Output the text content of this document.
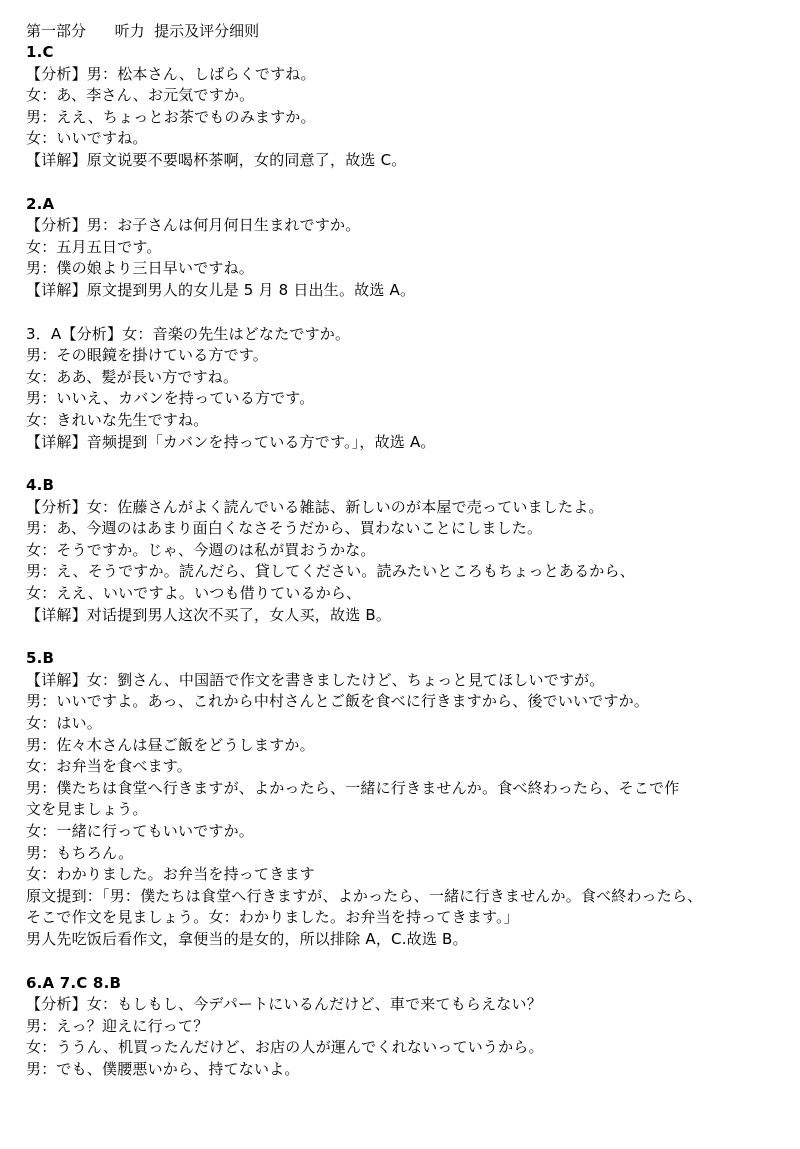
第一部分      听力  提示及评分细则
1.C
【分析】男：松本さん、しばらくですね。
女：あ、李さん、お元気ですか。
男：ええ、ちょっとお茶でものみますか。
女：いいですね。
【详解】原文说要不要喝杯茶啊，女的同意了，故选 C。
2.A
【分析】男：お子さんは何月何日生まれですか。
女：五月五日です。
男：僕の娘より三日早いですね。
【详解】原文提到男人的女儿是 5 月 8 日出生。故选 A。
3．A【分析】女：音楽の先生はどなたですか。
男：その眼鏡を掛けている方です。
女：ああ、髪が長い方ですね。
男：いいえ、カバンを持っている方です。
女：きれいな先生ですね。
【详解】音频提到「カバンを持っている方です。」，故选 A。
4.B
【分析】女：佐藤さんがよく読んでいる雑誌、新しいのが本屋で売っていましたよ。
男：あ、今週のはあまり面白くなさそうだから、買わないことにしました。
女：そうですか。じゃ、今週のは私が買おうかな。
男：え、そうですか。読んだら、貸してください。読みたいところもちょっとあるから、
女：ええ、いいですよ。いつも借りているから、
【详解】对话提到男人这次不买了，女人买，故选 B。
5.B
【详解】女：劉さん、中国語で作文を書きましたけど、ちょっと見てほしいですが。
男：いいですよ。あっ、これから中村さんとご飯を食べに行きますから、後でいいですか。
女：はい。
男：佐々木さんは昼ご飯をどうしますか。
女：お弁当を食べます。
男：僕たちは食堂へ行きますが、よかったら、一緒に行きませんか。食べ終わったら、そこで作
文を見ましょう。
女：一緒に行ってもいいですか。
男：もちろん。
女：わかりました。お弁当を持ってきます
原文提到：「男：僕たちは食堂へ行きますが、よかったら、一緒に行きませんか。食べ終わったら、
そこで作文を見ましょう。女：わかりました。お弁当を持ってきます。」
男人先吃饭后看作文，拿便当的是女的，所以排除 A，C.故选 B。
6.A 7.C 8.B
【分析】女：もしもし、今デパートにいるんだけど、車で来てもらえない？
男：えっ？迎えに行って？
女：ううん、机買ったんだけど、お店の人が運んでくれないっていうから。
男：でも、僕腰悪いから、持てないよ。
